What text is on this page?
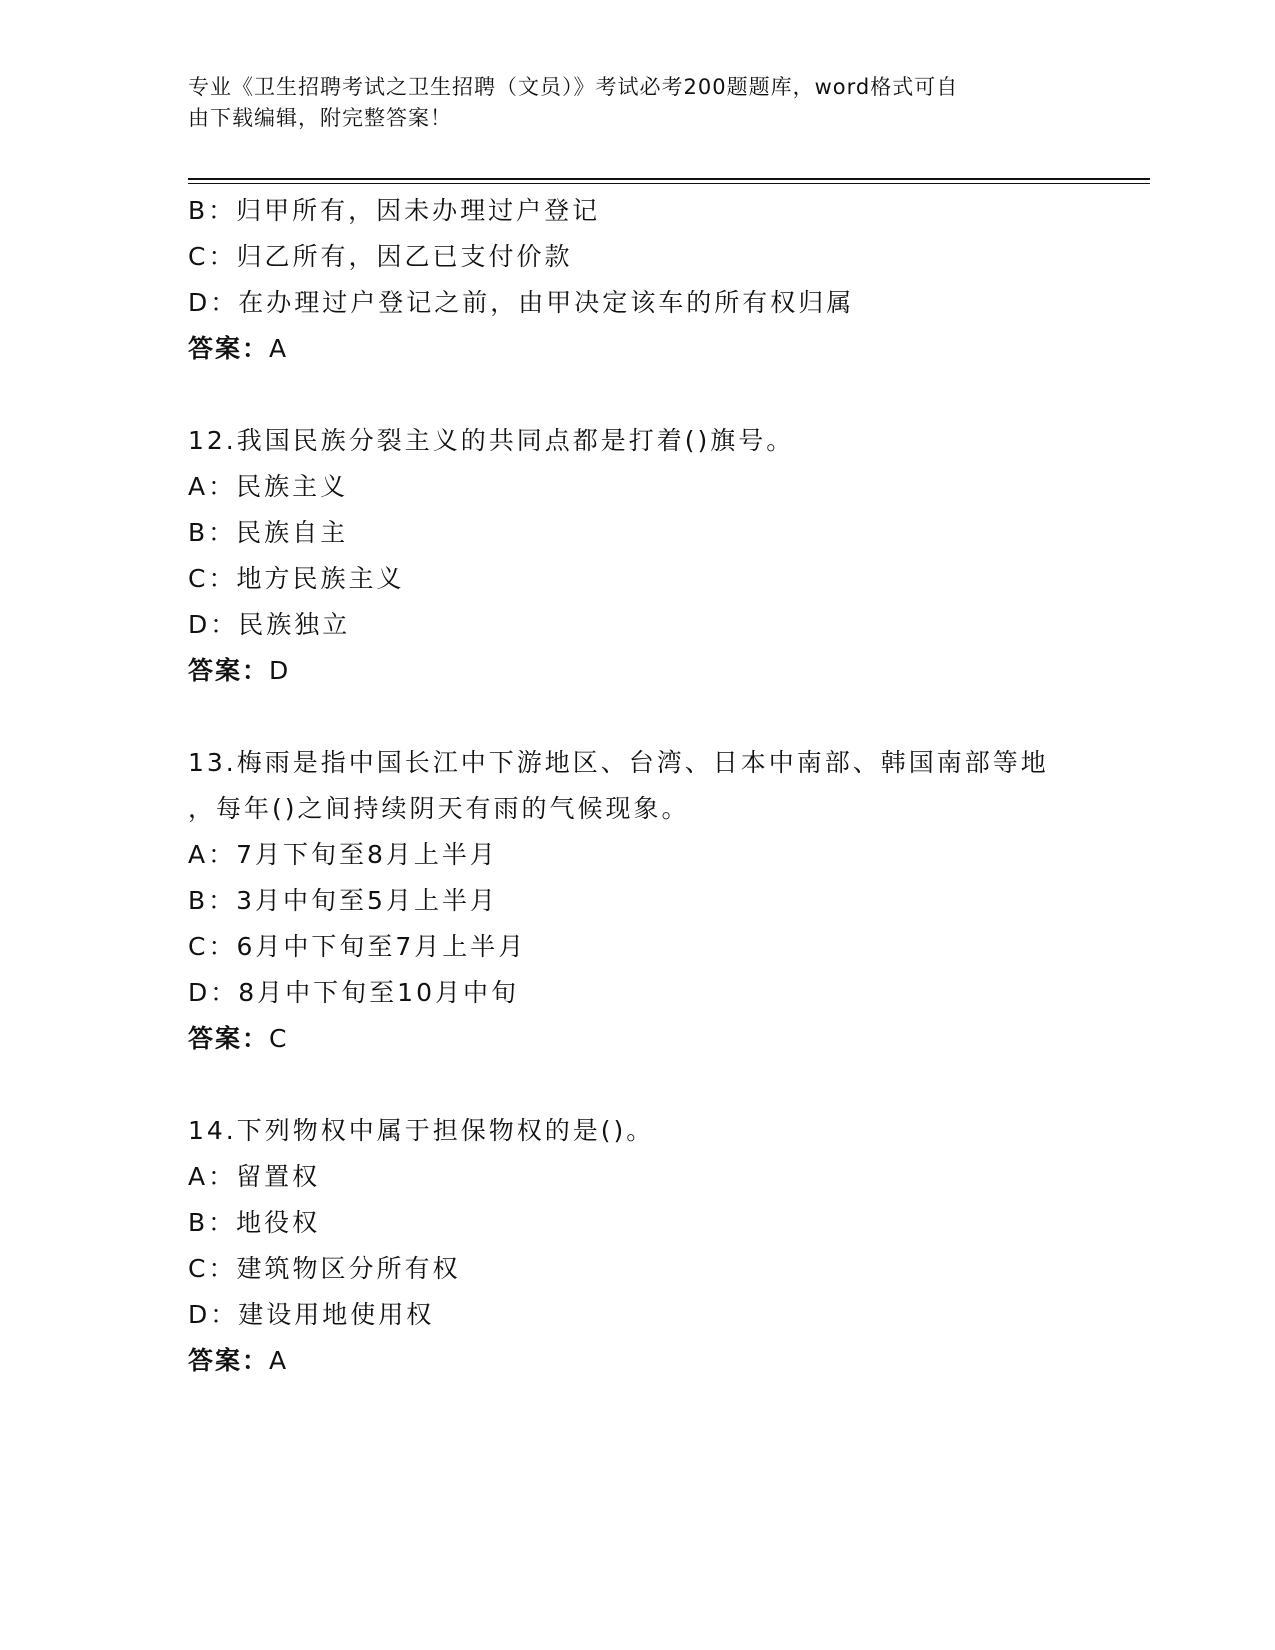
专业《卫生招聘考试之卫生招聘（文员）》考试必考200题题库，word格式可自
由下载编辑，附完整答案！
B：归甲所有，因未办理过户登记
C：归乙所有，因乙已支付价款
D：在办理过户登记之前，由甲决定该车的所有权归属
答案：A
12.我国民族分裂主义的共同点都是打着()旗号。
A：民族主义
B：民族自主
C：地方民族主义
D：民族独立
答案：D
13.梅雨是指中国长江中下游地区、台湾、日本中南部、韩国南部等地
，每年()之间持续阴天有雨的气候现象。
A：7月下旬至8月上半月
B：3月中旬至5月上半月
C：6月中下旬至7月上半月
D：8月中下旬至10月中旬
答案：C
14.下列物权中属于担保物权的是()。
A：留置权
B：地役权
C：建筑物区分所有权
D：建设用地使用权
答案：A
